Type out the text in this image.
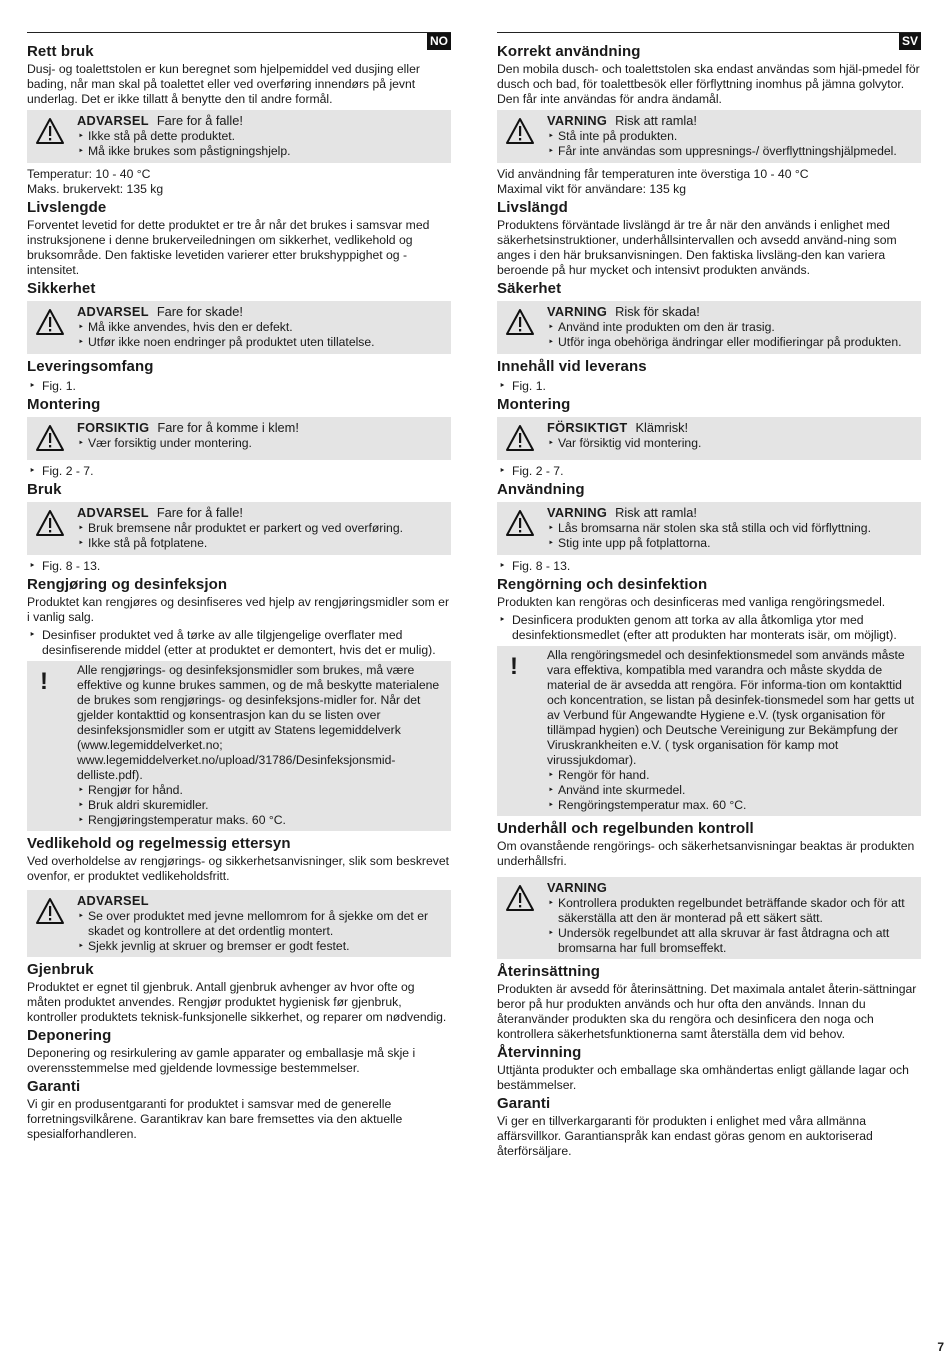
NO
Rett bruk

Dusj- og toalettstolen er kun beregnet som hjelpemiddel ved dusjing eller bading, når man skal på toalettet eller ved overføring innendørs på jevnt underlag. Det er ikke tillatt å benytte den til andre formål.

ADVARSEL Fare for å falle!
‣ Ikke stå på dette produktet.
‣ Må ikke brukes som påstigningshjelp.

Temperatur: 10 - 40 °C

Maks. brukervekt: 135 kg

Livslengde

Forventet levetid for dette produktet er tre år når det brukes i samsvar med instruksjonene i denne brukerveiledningen om sikkerhet, vedlikehold og bruksområde. Den faktiske levetiden varierer etter brukshyppighet og -intensitet.

Sikkerhet
ADVARSEL Fare for skade!
‣ Må ikke anvendes, hvis den er defekt.
‣ Utfør ikke noen endringer på produktet uten tillatelse.
Leveringsomfang
‣ Fig. 1.
Montering
FORSIKTIG Fare for å komme i klem!
‣ Vær forsiktig under montering.
‣ Fig. 2 - 7.
Bruk
ADVARSEL Fare for å falle!
‣ Bruk bremsene når produktet er parkert og ved overføring.
‣ Ikke stå på fotplatene.
‣ Fig. 8 - 13.
Rengjøring og desinfeksjon

Produktet kan rengjøres og desinfiseres ved hjelp av rengjøringsmidler som er i vanlig salg.

‣ Desinfiser produktet ved å tørke av alle tilgjengelige overflater med desinfiserende middel (etter at produktet er demontert, hvis det er mulig).
! Alle rengjørings- og desinfeksjonsmidler som brukes, må være effektive og kunne brukes sammen, og de må beskytte materialene de brukes som rengjørings- og desinfeksjons-midler for. Når det gjelder kontakttid og konsentrasjon kan du se listen over desinfeksjonsmidler som er utgitt av Statens legemiddelverk (www.legemiddelverket.no; www.legemiddelverket.no/upload/31786/Desinfeksjonsmid-delliste.pdf).
‣ Rengjør for hånd.
‣ Bruk aldri skuremidler.
‣ Rengjøringstemperatur maks. 60 °C.
Vedlikehold og regelmessig ettersyn

Ved overholdelse av rengjørings- og sikkerhetsanvisninger, slik som beskrevet ovenfor, er produktet vedlikeholdsfritt.

ADVARSEL
‣ Se over produktet med jevne mellomrom for å sjekke om det er skadet og kontrollere at det ordentlig montert.
‣ Sjekk jevnlig at skruer og bremser er godt festet.
Gjenbruk

Produktet er egnet til gjenbruk. Antall gjenbruk avhenger av hvor ofte og måten produktet anvendes. Rengjør produktet hygienisk før gjenbruk, kontroller produktets teknisk-funksjonelle sikkerhet, og reparer om nødvendig.

Deponering

Deponering og resirkulering av gamle apparater og emballasje må skje i overensstemmelse med gjeldende lovmessige bestemmelser.

Garanti

Vi gir en produsentgaranti for produktet i samsvar med de generelle forretningsvilkårene. Garantikrav kan bare fremsettes via den aktuelle spesialforhandleren.

SV
Korrekt användning

Den mobila dusch- och toalettstolen ska endast användas som hjäl-pmedel för dusch och bad, för toalettbesök eller förflyttning inomhus på jämna golvytor. Den får inte användas för andra ändamål.

VARNING Risk att ramla!
‣ Stå inte på produkten.
‣ Får inte användas som uppresnings-/ överflyttningshjälpmedel.

Vid användning får temperaturen inte överstiga 10 - 40 °C

Maximal vikt för användare: 135 kg

Livslängd

Produktens förväntade livslängd är tre år när den används i enlighet med säkerhetsinstruktioner, underhållsintervallen och avsedd använd-ning som anges i den här bruksanvisningen. Den faktiska livsläng-den kan variera beroende på hur mycket och intensivt produkten används.

Säkerhet
VARNING Risk för skada!
‣ Använd inte produkten om den är trasig.
‣ Utför inga obehöriga ändringar eller modifieringar på produkten.
Innehåll vid leverans
‣ Fig. 1.
Montering
FÖRSIKTIGT Klämrisk!
‣ Var försiktig vid montering.
‣ Fig. 2 - 7.
Användning
VARNING Risk att ramla!
‣ Lås bromsarna när stolen ska stå stilla och vid förflyttning.
‣ Stig inte upp på fotplattorna.
‣ Fig. 8 - 13.
Rengörning och desinfektion

Produkten kan rengöras och desinficeras med vanliga rengöringsmedel.

‣ Desinficera produkten genom att torka av alla åtkomliga ytor med desinfektionsmedlet (efter att produkten har monterats isär, om möjligt).
! Alla rengöringsmedel och desinfektionsmedel som används måste vara effektiva, kompatibla med varandra och måste skydda de material de är avsedda att rengöra. För informa-tion om kontakttid och koncentration, se listan på desinfek-tionsmedel som har getts ut av Verbund für Angewandte Hygiene e.V. (tysk organisation för tillämpad hygien) och Deutsche Vereinigung zur Bekämpfung der Viruskrankheiten e.V. ( tysk organisation för kamp mot virussjukdomar).
‣ Rengör för hand.
‣ Använd inte skurmedel.
‣ Rengöringstemperatur max. 60 °C.
Underhåll och regelbunden kontroll

Om ovanstående rengörings- och säkerhetsanvisningar beaktas är produkten underhållsfri.

VARNING
‣ Kontrollera produkten regelbundet beträffande skador och för att säkerställa att den är monterad på ett säkert sätt.
‣ Undersök regelbundet att alla skruvar är fast åtdragna och att bromsarna har full bromseffekt.
Återinsättning

Produkten är avsedd för återinsättning. Det maximala antalet återin-sättningar beror på hur produkten används och hur ofta den används. Innan du återanvänder produkten ska du rengöra och desinficera den noga och kontrollera säkerhetsfunktionerna samt återställa dem vid behov.

Återvinning

Uttjänta produkter och emballage ska omhändertas enligt gällande lagar och bestämmelser.

Garanti

Vi ger en tillverkargaranti för produkten i enlighet med våra allmänna affärsvillkor. Garantianspråk kan endast göras genom en auktoriserad återförsäljare.

7
